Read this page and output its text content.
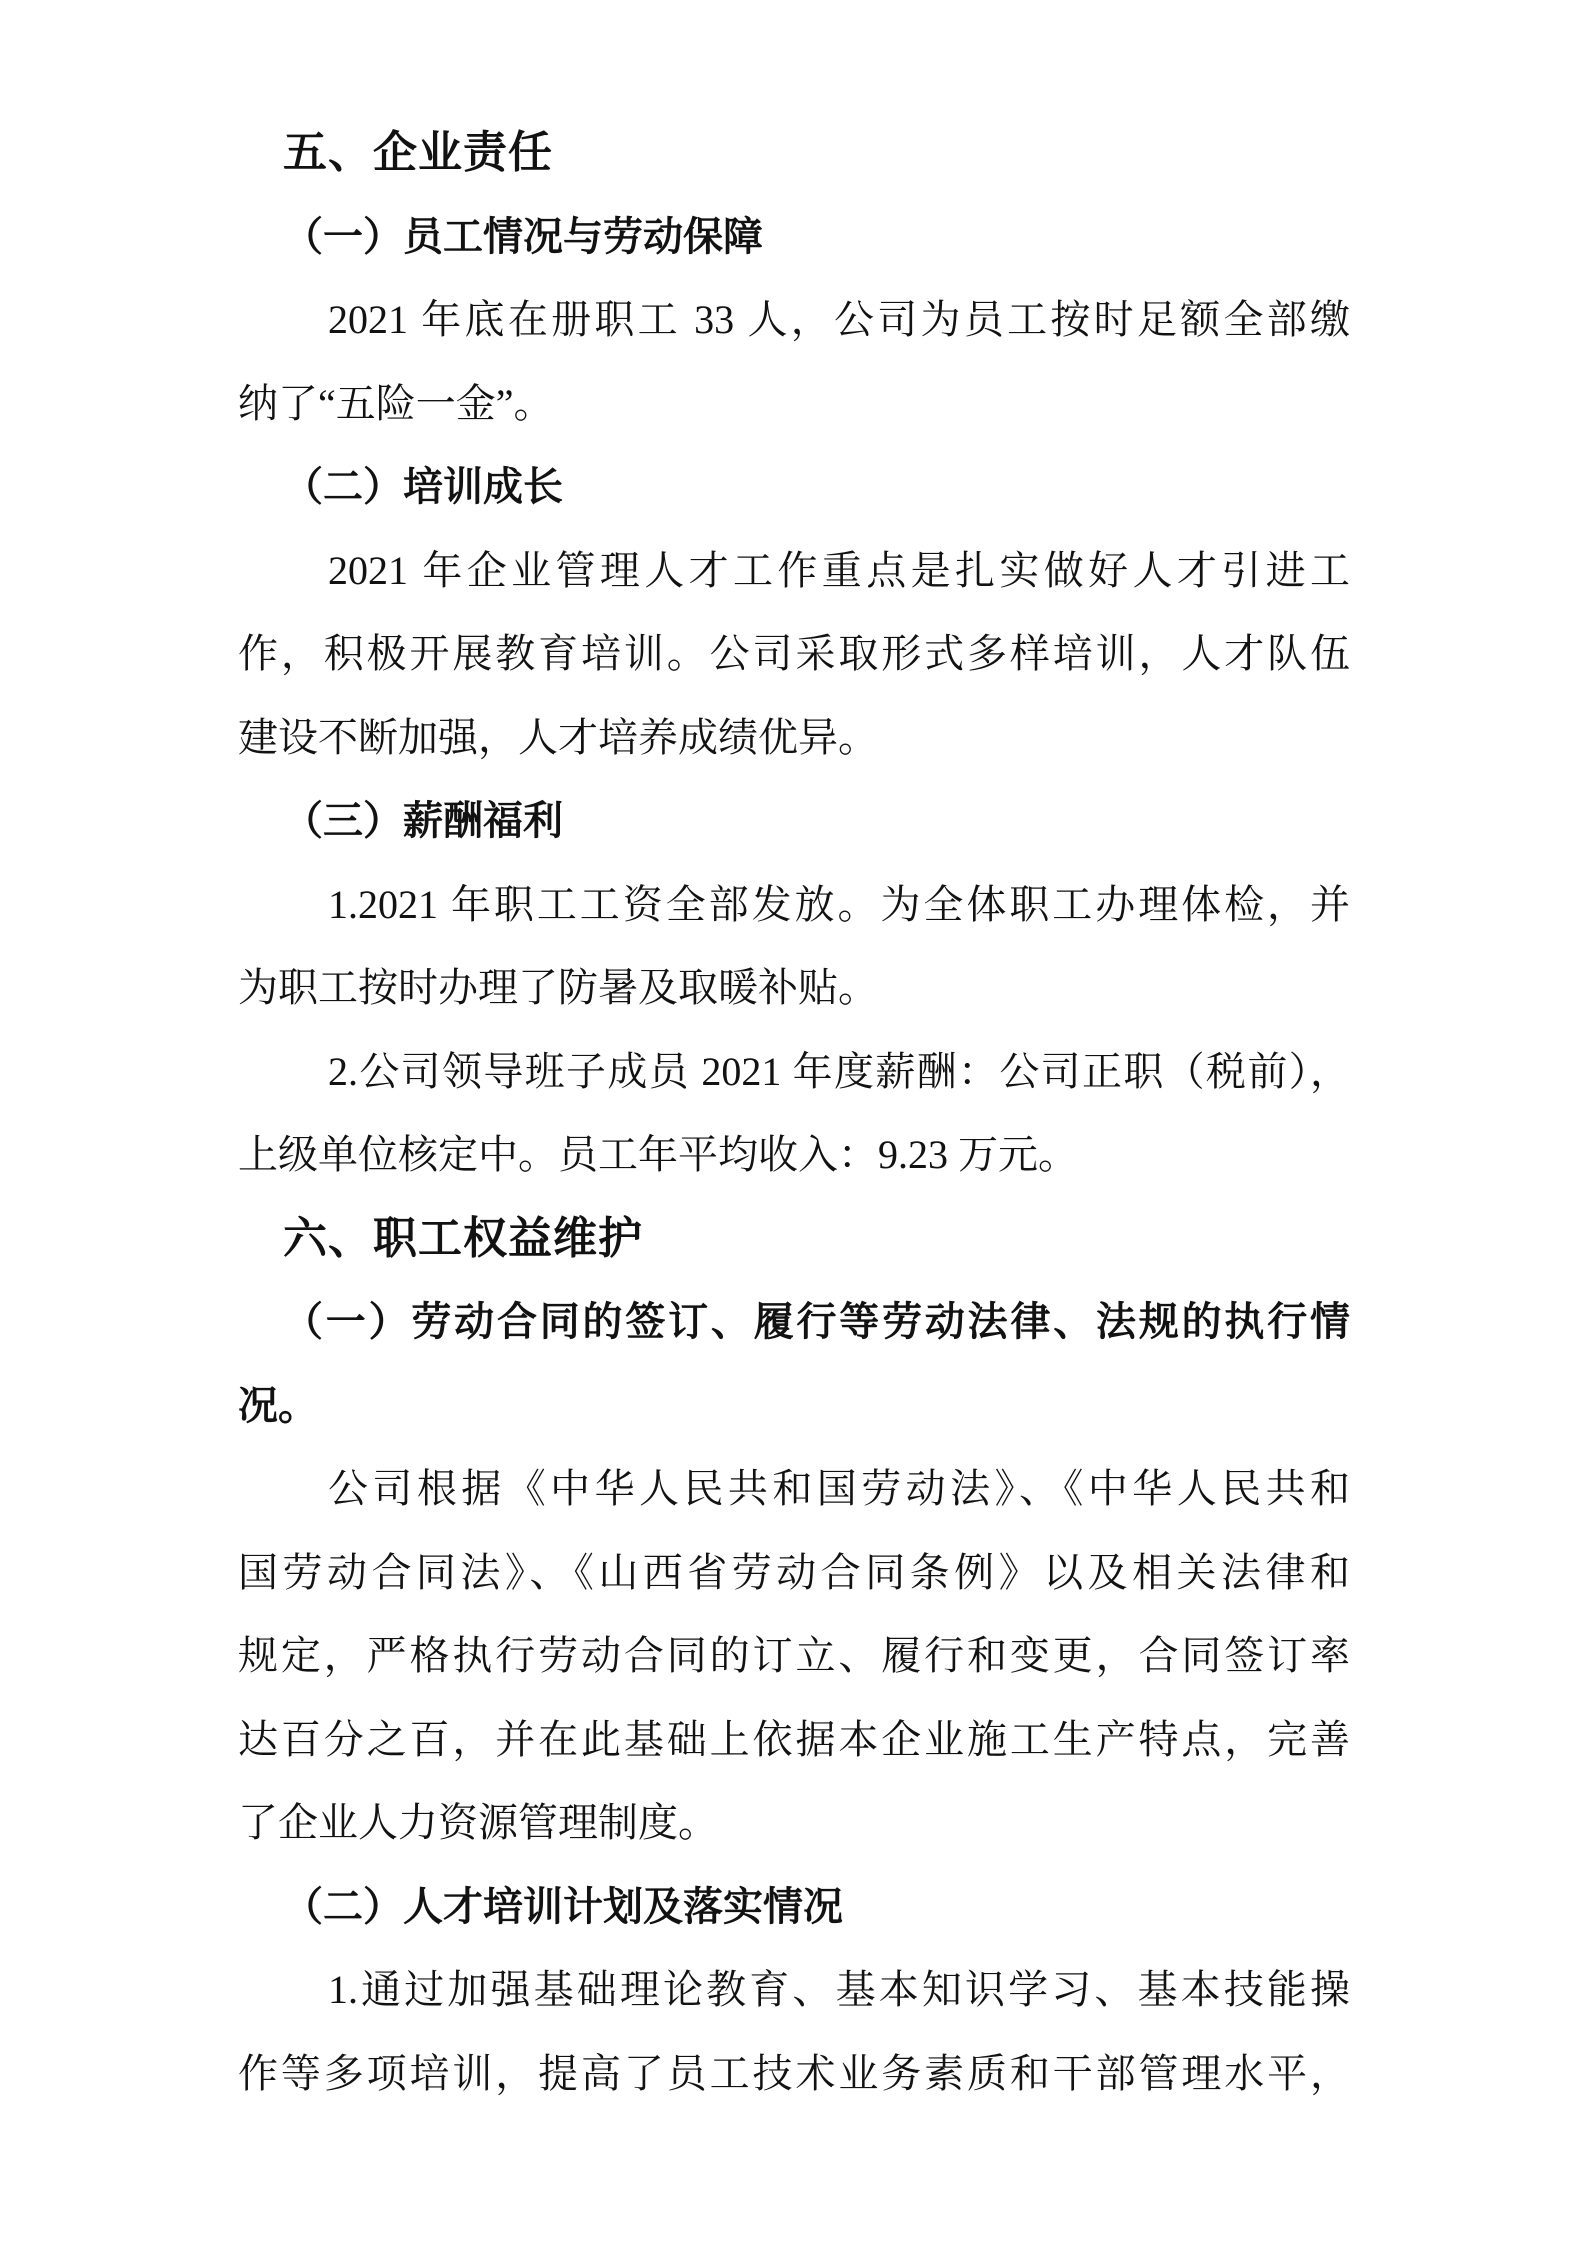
五、企业责任
（一）员工情况与劳动保障
2021 年底在册职工 33 人，公司为员工按时足额全部缴
纳了“五险一金”。
（二）培训成长
2021 年企业管理人才工作重点是扎实做好人才引进工
作，积极开展教育培训。公司采取形式多样培训，人才队伍
建设不断加强，人才培养成绩优异。
（三）薪酬福利
1.2021 年职工工资全部发放。为全体职工办理体检，并
为职工按时办理了防暑及取暖补贴。
2.公司领导班子成员 2021 年度薪酬：公司正职（税前），
上级单位核定中。员工年平均收入：9.23 万元。
六、职工权益维护
（一）劳动合同的签订、履行等劳动法律、法规的执行情
况。
公司根据《中华人民共和国劳动法》、《中华人民共和
国劳动合同法》、《山西省劳动合同条例》以及相关法律和
规定，严格执行劳动合同的订立、履行和变更，合同签订率
达百分之百，并在此基础上依据本企业施工生产特点，完善
了企业人力资源管理制度。
（二）人才培训计划及落实情况
1.通过加强基础理论教育、基本知识学习、基本技能操
作等多项培训，提高了员工技术业务素质和干部管理水平，
